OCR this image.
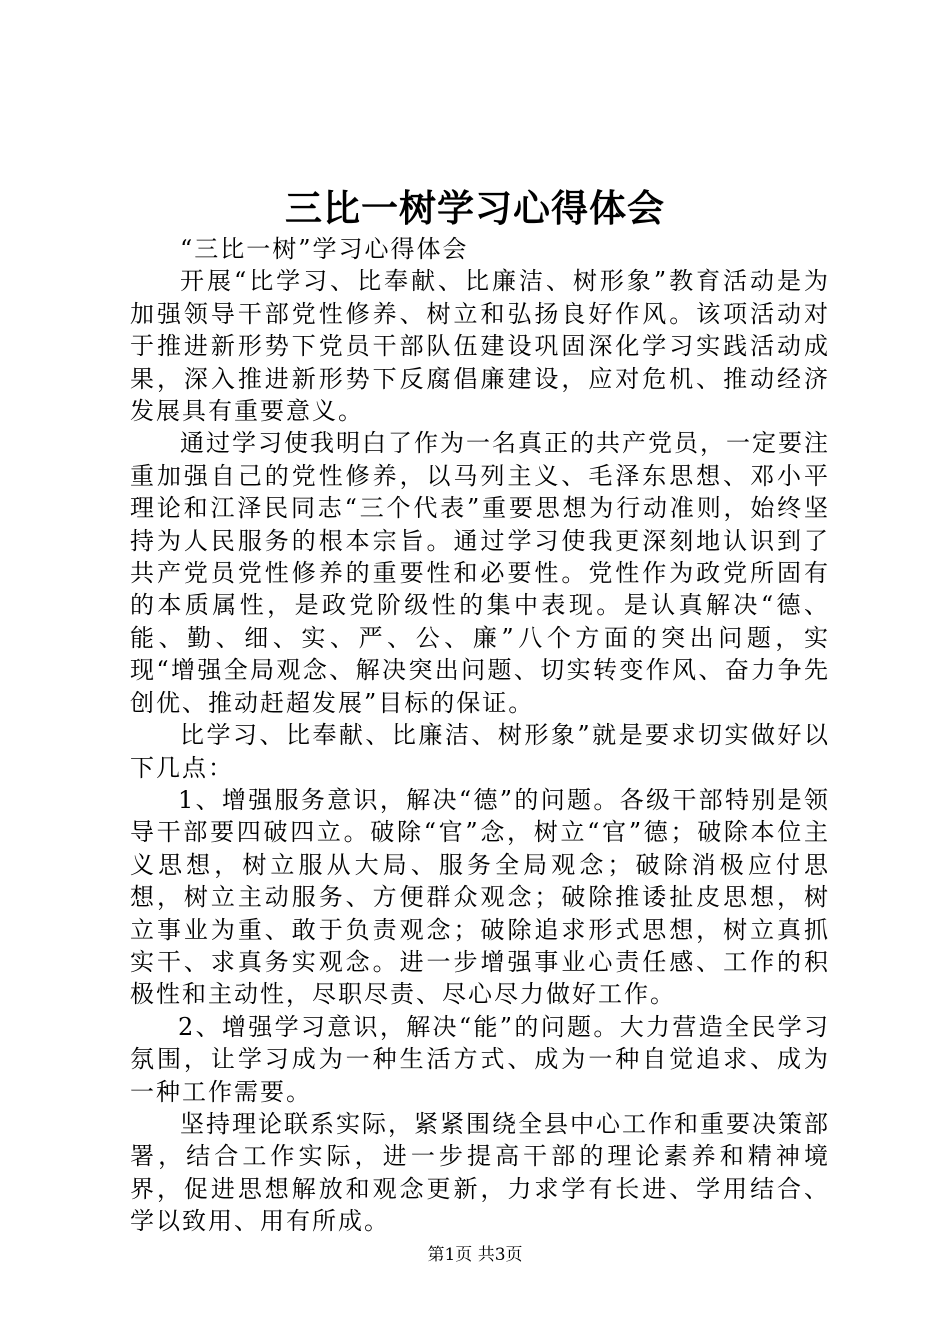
三比一树学习心得体会

“三比一树”学习心得体会

开展“比学习、比奉献、比廉洁、树形象”教育活动是为加强领导干部党性修养、树立和弘扬良好作风。该项活动对于推进新形势下党员干部队伍建设巩固深化学习实践活动成果，深入推进新形势下反腐倡廉建设，应对危机、推动经济发展具有重要意义。

通过学习使我明白了作为一名真正的共产党员，一定要注重加强自己的党性修养，以马列主义、毛泽东思想、邓小平理论和江泽民同志“三个代表”重要思想为行动准则，始终坚持为人民服务的根本宗旨。通过学习使我更深刻地认识到了共产党员党性修养的重要性和必要性。党性作为政党所固有的本质属性，是政党阶级性的集中表现。是认真解决“德、能、勤、细、实、严、公、廉”八个方面的突出问题，实现“增强全局观念、解决突出问题、切实转变作风、奋力争先创优、推动赶超发展”目标的保证。

比学习、比奉献、比廉洁、树形象”就是要求切实做好以下几点：

1、增强服务意识，解决“德”的问题。各级干部特别是领导干部要四破四立。破除“官”念，树立“官”德；破除本位主义思想，树立服从大局、服务全局观念；破除消极应付思想，树立主动服务、方便群众观念；破除推诿扯皮思想，树立事业为重、敢于负责观念；破除追求形式思想，树立真抓实干、求真务实观念。进一步增强事业心责任感、工作的积极性和主动性，尽职尽责、尽心尽力做好工作。

2、增强学习意识，解决“能”的问题。大力营造全民学习氛围，让学习成为一种生活方式、成为一种自觉追求、成为一种工作需要。

坚持理论联系实际，紧紧围绕全县中心工作和重要决策部署，结合工作实际，进一步提高干部的理论素养和精神境界，促进思想解放和观念更新，力求学有长进、学用结合、学以致用、用有所成。

第1页 共3页
